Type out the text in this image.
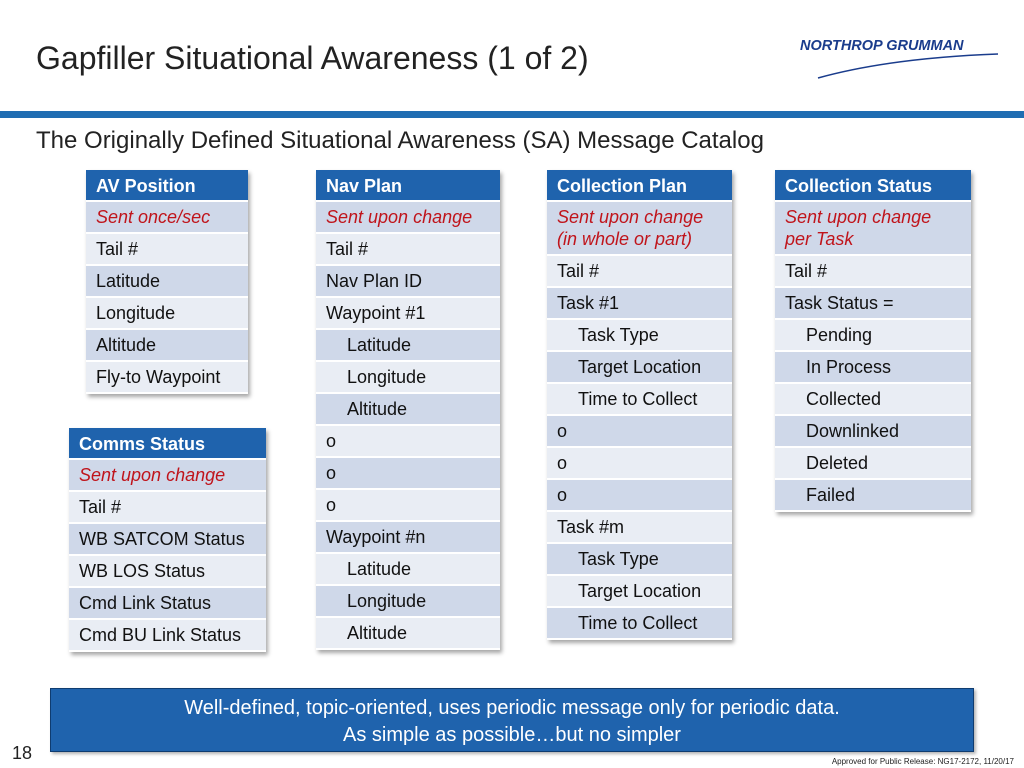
Gapfiller Situational Awareness (1 of 2)	NORTHROP GRUMMAN
The Originally Defined Situational Awareness (SA) Message Catalog
AV Position
Sent once/sec
Tail #
Latitude
Longitude
Altitude
Fly-to Waypoint
Comms Status
Sent upon change
Tail #
WB SATCOM Status
WB LOS Status
Cmd Link Status
Cmd BU Link Status
Nav Plan
Sent upon change
Tail #
Nav Plan ID
Waypoint #1
Latitude
Longitude
Altitude
o
o
o
Waypoint #n
Latitude
Longitude
Altitude
Collection Plan
Sent upon change (in whole or part)
Tail #
Task #1
Task Type
Target Location
Time to Collect
o
o
o
Task #m
Task Type
Target Location
Time to Collect
Collection Status
Sent upon change per Task
Tail #
Task Status =
Pending
In Process
Collected
Downlinked
Deleted
Failed
Well-defined, topic-oriented, uses periodic message only for periodic data.
As simple as possible…but no simpler
18	Approved for Public Release: NG17-2172, 11/20/17
